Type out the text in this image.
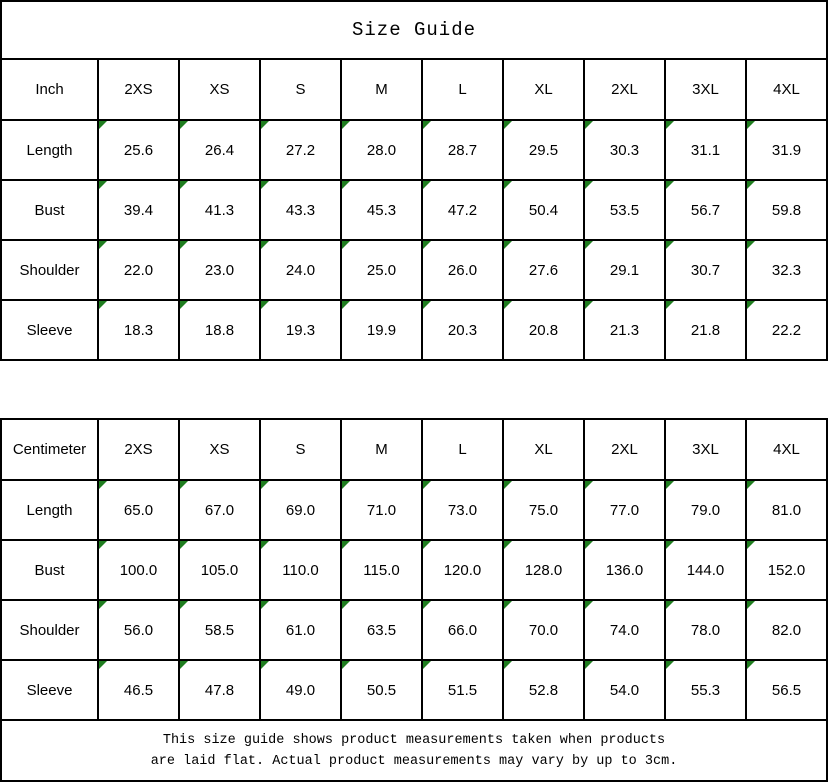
Size Guide
Inch	2XS	XS	S	M	L	XL	2XL	3XL	4XL
Length	25.6	26.4	27.2	28.0	28.7	29.5	30.3	31.1	31.9
Bust	39.4	41.3	43.3	45.3	47.2	50.4	53.5	56.7	59.8
Shoulder	22.0	23.0	24.0	25.0	26.0	27.6	29.1	30.7	32.3
Sleeve	18.3	18.8	19.3	19.9	20.3	20.8	21.3	21.8	22.2
Centimeter	2XS	XS	S	M	L	XL	2XL	3XL	4XL
Length	65.0	67.0	69.0	71.0	73.0	75.0	77.0	79.0	81.0
Bust	100.0	105.0	110.0	115.0	120.0	128.0	136.0	144.0	152.0
Shoulder	56.0	58.5	61.0	63.5	66.0	70.0	74.0	78.0	82.0
Sleeve	46.5	47.8	49.0	50.5	51.5	52.8	54.0	55.3	56.5
This size guide shows product measurements taken when products
are laid flat. Actual product measurements may vary by up to 3cm.
